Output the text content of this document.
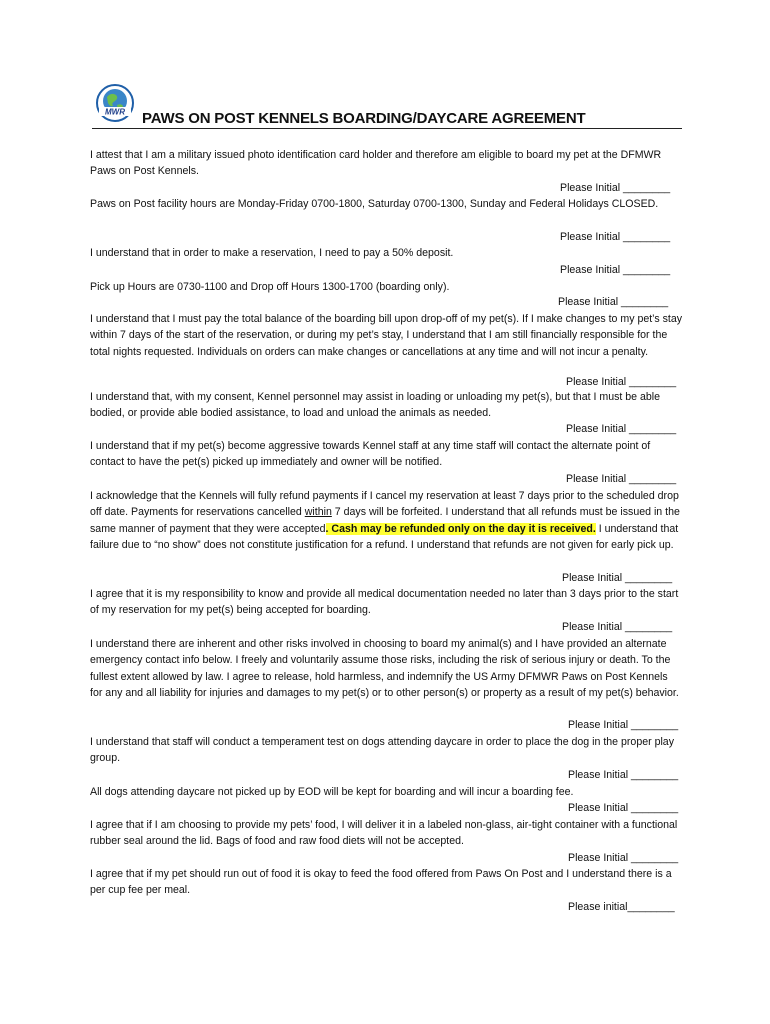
MWR PAWS ON POST KENNELS BOARDING/DAYCARE AGREEMENT
I attest that I am a military issued photo identification card holder and therefore am eligible to board my pet at the DFMWR Paws on Post Kennels.
Please Initial ________
Paws on Post facility hours are Monday-Friday 0700-1800, Saturday 0700-1300, Sunday and Federal Holidays CLOSED.
Please Initial ________
I understand that in order to make a reservation, I need to pay a 50% deposit.
Please Initial ________
Pick up Hours are 0730-1100 and Drop off Hours 1300-1700 (boarding only).
Please Initial ________
I understand that I must pay the total balance of the boarding bill upon drop-off of my pet(s). If I make changes to my pet’s stay within 7 days of the start of the reservation, or during my pet’s stay, I understand that I am still financially responsible for the total nights requested. Individuals on orders can make changes or cancellations at any time and will not incur a penalty.
Please Initial ________
I understand that, with my consent, Kennel personnel may assist in loading or unloading my pet(s), but that I must be able bodied, or provide able bodied assistance, to load and unload the animals as needed.
Please Initial ________
I understand that if my pet(s) become aggressive towards Kennel staff at any time staff will contact the alternate point of contact to have the pet(s) picked up immediately and owner will be notified.
Please Initial ________
I acknowledge that the Kennels will fully refund payments if I cancel my reservation at least 7 days prior to the scheduled drop off date. Payments for reservations cancelled within 7 days will be forfeited. I understand that all refunds must be issued in the same manner of payment that they were accepted. Cash may be refunded only on the day it is received. I understand that failure due to “no show” does not constitute justification for a refund. I understand that refunds are not given for early pick up.
Please Initial ________
I agree that it is my responsibility to know and provide all medical documentation needed no later than 3 days prior to the start of my reservation for my pet(s) being accepted for boarding.
Please Initial ________
I understand there are inherent and other risks involved in choosing to board my animal(s) and I have provided an alternate emergency contact info below. I freely and voluntarily assume those risks, including the risk of serious injury or death. To the fullest extent allowed by law. I agree to release, hold harmless, and indemnify the US Army DFMWR Paws on Post Kennels for any and all liability for injuries and damages to my pet(s) or to other person(s) or property as a result of my pet(s) behavior.
Please Initial ________
I understand that staff will conduct a temperament test on dogs attending daycare in order to place the dog in the proper play group.
Please Initial ________
All dogs attending daycare not picked up by EOD will be kept for boarding and will incur a boarding fee.
Please Initial ________
I agree that if I am choosing to provide my pets’ food, I will deliver it in a labeled non-glass, air-tight container with a functional rubber seal around the lid. Bags of food and raw food diets will not be accepted.
Please Initial ________
I agree that if my pet should run out of food it is okay to feed the food offered from Paws On Post and I understand there is a per cup fee per meal.
Please initial________
